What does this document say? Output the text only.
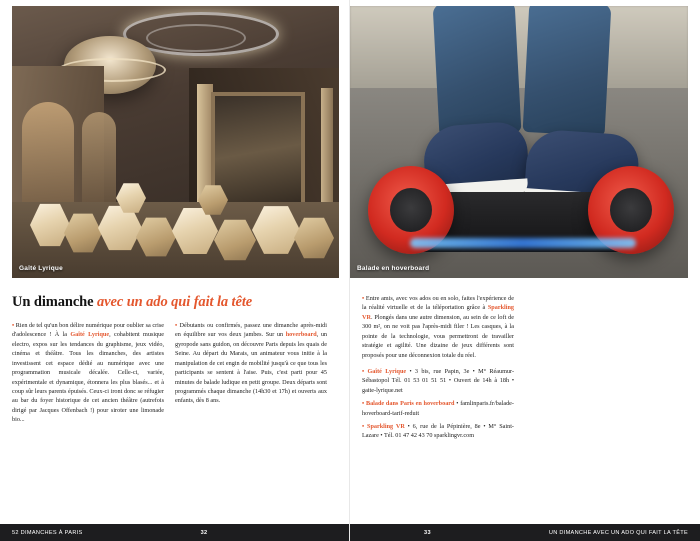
Gaîté Lyrique
Un dimanche avec un ado qui fait la tête

• Rien de tel qu'un bon délire numérique pour oublier sa crise d'adolescence ! À la Gaîté Lyrique, cohabitent musique electro, expos sur les tendances du graphisme, jeux vidéo, cinéma et théâtre. Tous les dimanches, des artistes investissent cet espace dédié au numérique avec une programmation musicale décalée. Celle-ci, variée, expérimentale et dynamique, étonnera les plus blasés... et à coup sûr leurs parents épuisés. Ceux-ci iront donc se réfugier au bar du foyer historique de cet ancien théâtre (autrefois dirigé par Jacques Offenbach !) pour siroter une limonade bio...

• Débutants ou confirmés, passez une dimanche après-midi en équilibre sur vos deux jambes. Sur un hoverboard, un gyropode sans guidon, on découvre Paris depuis les quais de Seine. Au départ du Marais, un animateur vous initie à la manipulation de cet engin de mobilité jusqu'à ce que tous les participants se sentent à l'aise. Puis, c'est parti pour 45 minutes de balade ludique en petit groupe. Deux départs sont programmés chaque dimanche (14h30 et 17h) et ouverts aux enfants, dès 8 ans.

52 DIMANCHES À PARIS	32
Balade en hoverboard

• Entre amis, avec vos ados ou en solo, faites l'expérience de la réalité virtuelle et de la téléportation grâce à Sparkling VR. Plongés dans une autre dimension, au sein de ce loft de 300 m², on ne voit pas l'après-midi filer ! Les casques, à la pointe de la technologie, vous permettront de travailler stratégie et agilité. Une dizaine de jeux différents sont proposés pour une déconnexion totale du réel.

• Gaîté Lyrique • 3 bis, rue Papin, 3e • M° Réaumur-Sébastopol Tél. 01 53 01 51 51 • Ouvert de 14h à 18h • gaite-lyrique.net

• Balade dans Paris en hoverboard • famlinparis.fr/balade-hoverboard-tarif-reduit

• Sparkling VR • 6, rue de la Pépinière, 8e • M° Saint-Lazare • Tél. 01 47 42 43 70 sparklingvr.com

33	UN DIMANCHE AVEC UN ADO QUI FAIT LA TÊTE
